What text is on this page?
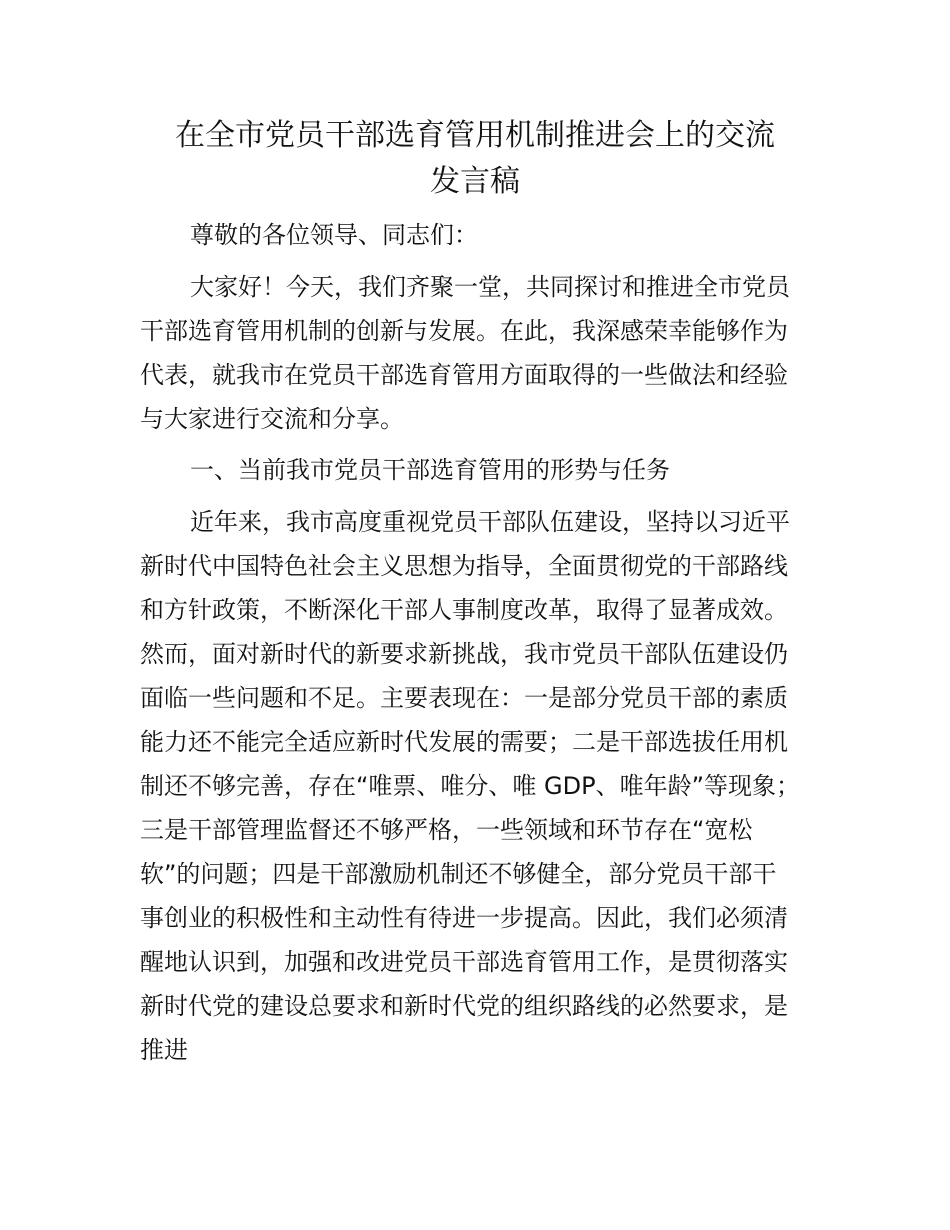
在全市党员干部选育管用机制推进会上的交流
发言稿

尊敬的各位领导、同志们：

大家好！今天，我们齐聚一堂，共同探讨和推进全市党员

干部选育管用机制的创新与发展。在此，我深感荣幸能够作为

代表，就我市在党员干部选育管用方面取得的一些做法和经验

与大家进行交流和分享。

一、当前我市党员干部选育管用的形势与任务

近年来，我市高度重视党员干部队伍建设，坚持以习近平

新时代中国特色社会主义思想为指导，全面贯彻党的干部路线

和方针政策，不断深化干部人事制度改革，取得了显著成效。

然而，面对新时代的新要求新挑战，我市党员干部队伍建设仍

面临一些问题和不足。主要表现在：一是部分党员干部的素质

能力还不能完全适应新时代发展的需要；二是干部选拔任用机

制还不够完善，存在“唯票、唯分、唯 GDP、唯年龄”等现象；

三是干部管理监督还不够严格，一些领域和环节存在“宽松

软”的问题；四是干部激励机制还不够健全，部分党员干部干

事创业的积极性和主动性有待进一步提高。因此，我们必须清

醒地认识到，加强和改进党员干部选育管用工作，是贯彻落实

新时代党的建设总要求和新时代党的组织路线的必然要求，是

推进
